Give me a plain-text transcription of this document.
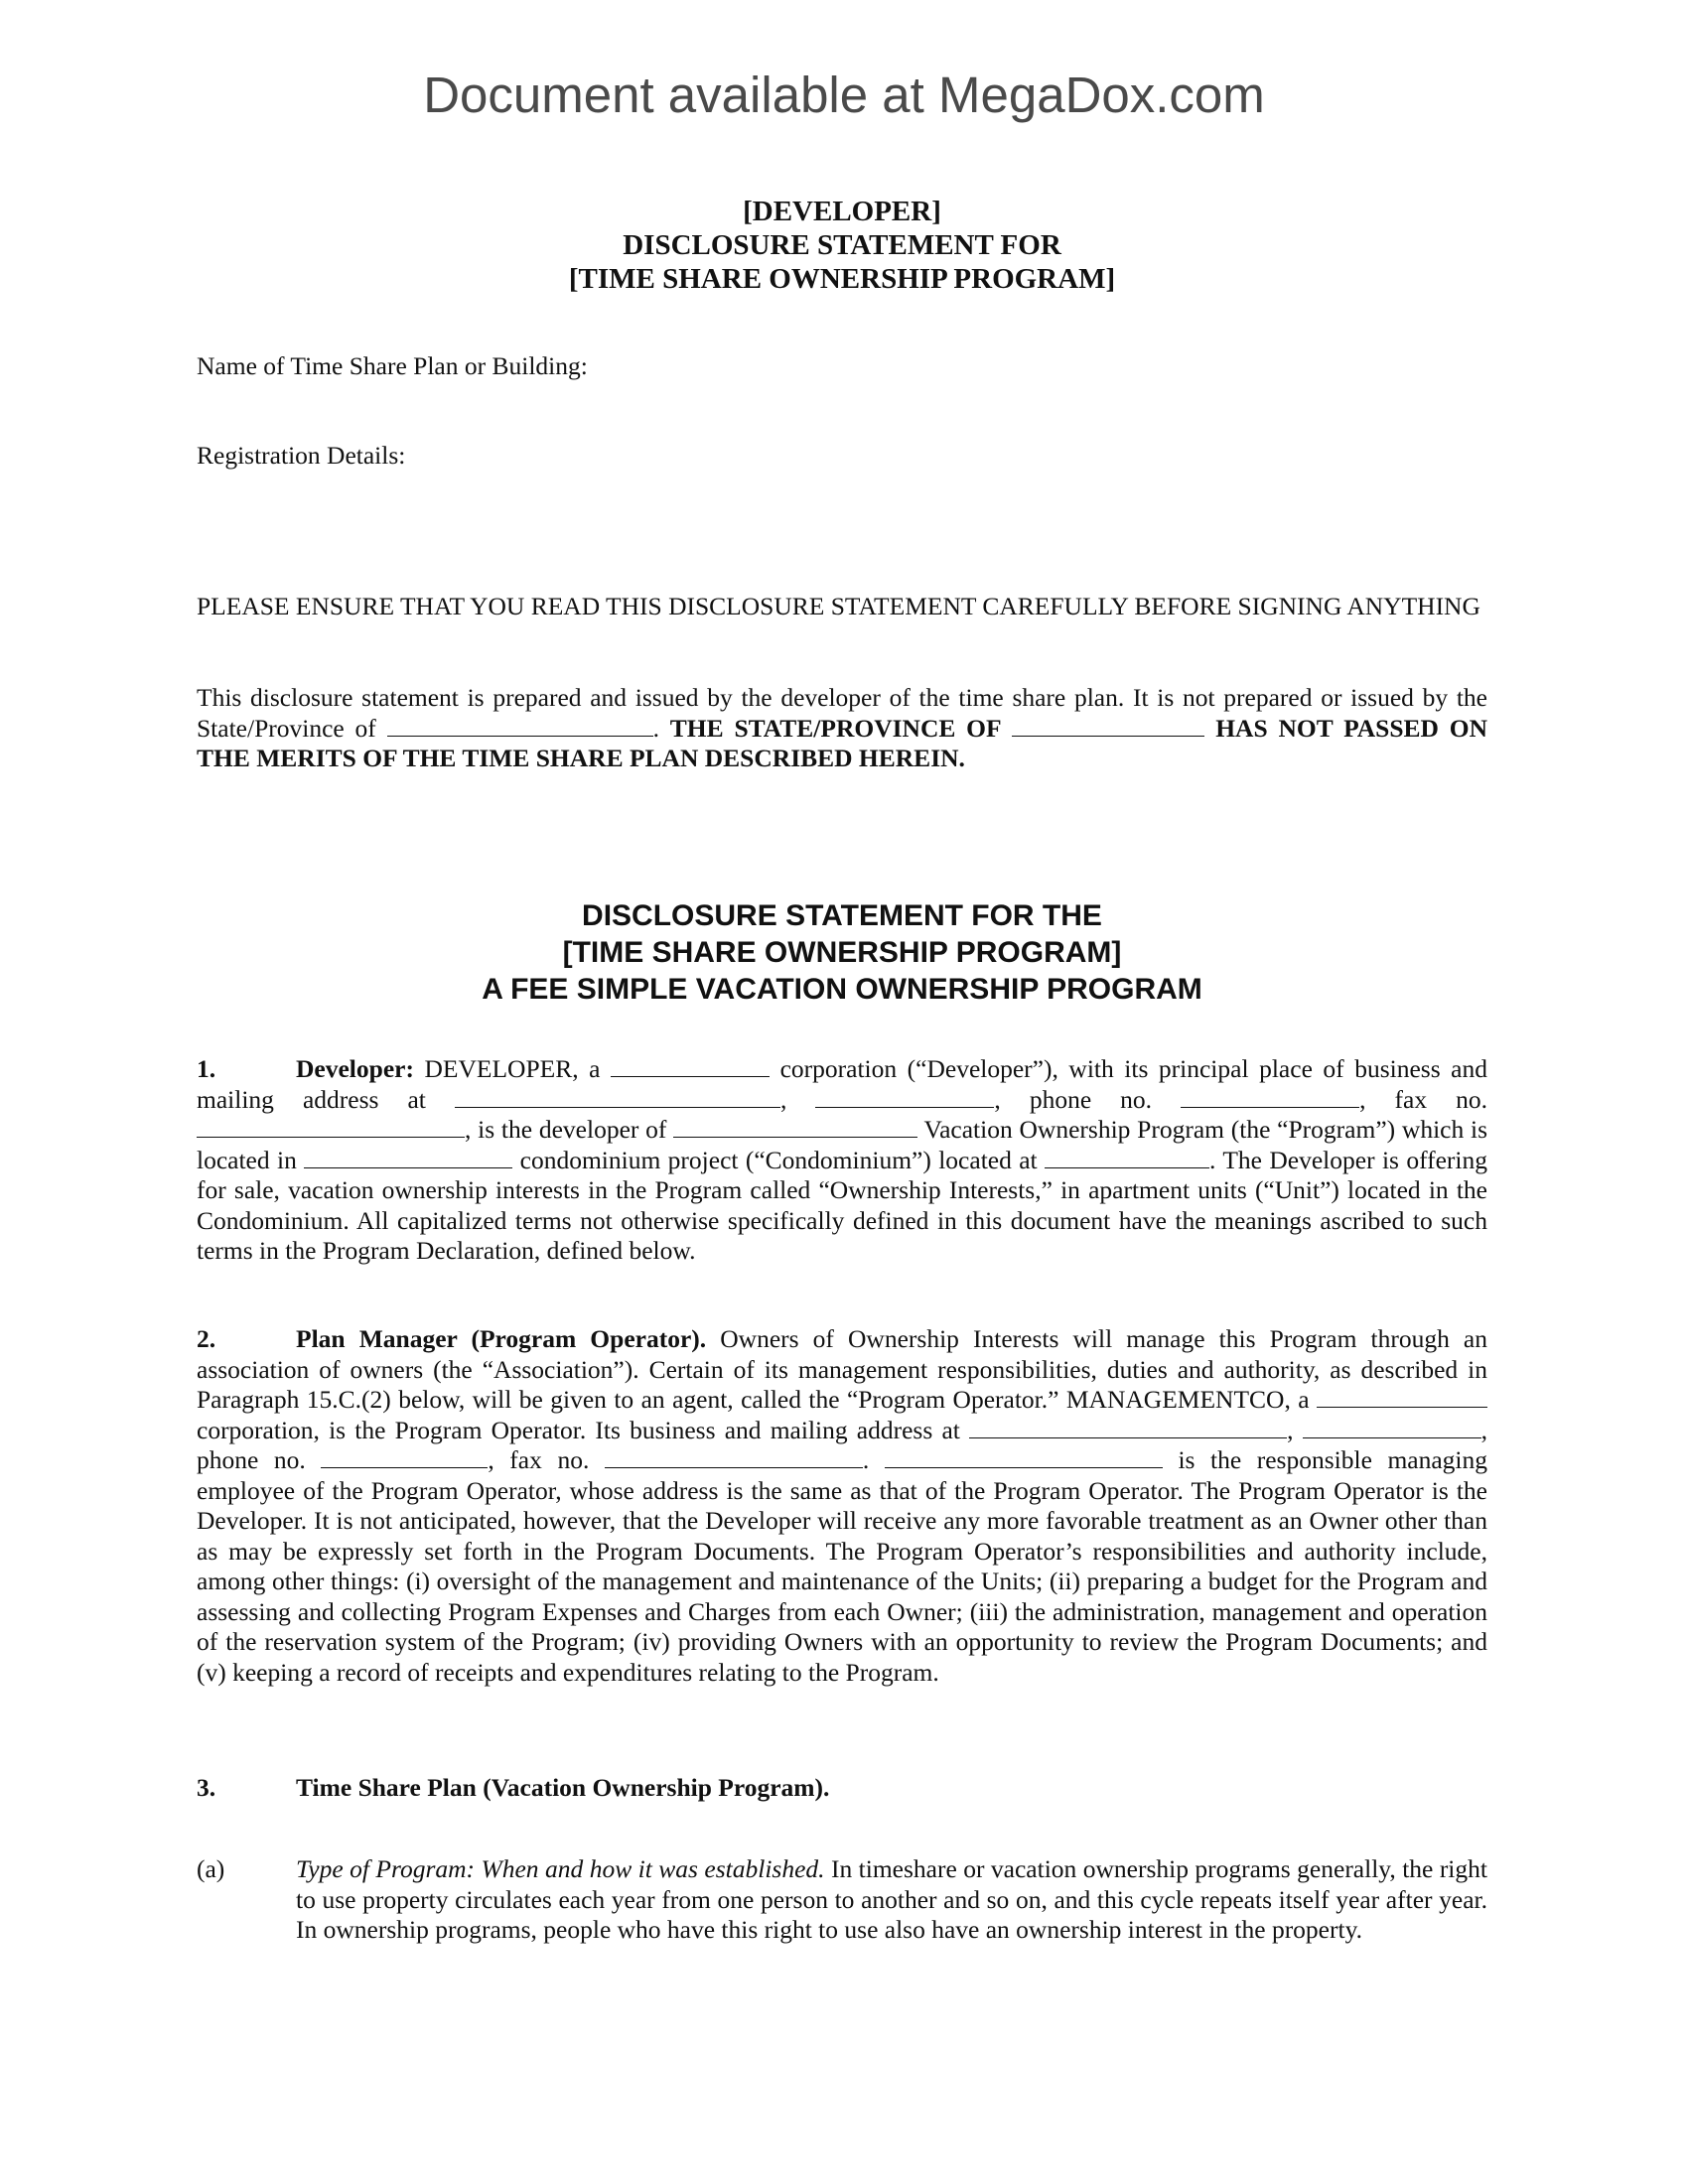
Document available at MegaDox.com
[DEVELOPER]
DISCLOSURE STATEMENT FOR
[TIME SHARE OWNERSHIP PROGRAM]
Name of Time Share Plan or Building:
Registration Details:
PLEASE ENSURE THAT YOU READ THIS DISCLOSURE STATEMENT CAREFULLY BEFORE SIGNING ANYTHING

This disclosure statement is prepared and issued by the developer of the time share plan. It is not prepared or issued by the State/Province of	. THE STATE/PROVINCE OF	HAS NOT PASSED ON THE MERITS OF THE TIME SHARE PLAN DESCRIBED HEREIN.

DISCLOSURE STATEMENT FOR THE
[TIME SHARE OWNERSHIP PROGRAM]
A FEE SIMPLE VACATION OWNERSHIP PROGRAM

1.	Developer: DEVELOPER, a	corporation (“Developer”), with its principal place of business and mailing address at	,	, phone no.	, fax no. , is the developer of	Vacation Ownership Program (the “Program”) which is located in	condominium project (“Condominium”) located at	. The Developer is offering for sale, vacation ownership interests in the Program called “Ownership Interests,” in apartment units (“Unit”) located in the Condominium. All capitalized terms not otherwise specifically defined in this document have the meanings ascribed to such terms in the Program Declaration, defined below.

2.	Plan Manager (Program Operator). Owners of Ownership Interests will manage this Program through an association of owners (the “Association”). Certain of its management responsibilities, duties and authority, as described in Paragraph 15.C.(2) below, will be given to an agent, called the “Program Operator.” MANAGEMENTCO, a  corporation, is the Program Operator. Its business and mailing address at	,	, phone no.	, fax no.	.	is the responsible managing employee of the Program Operator, whose address is the same as that of the Program Operator. The Program Operator is the Developer. It is not anticipated, however, that the Developer will receive any more favorable treatment as an Owner other than as may be expressly set forth in the Program Documents. The Program Operator’s responsibilities and authority include, among other things: (i) oversight of the management and maintenance of the Units; (ii) preparing a budget for the Program and assessing and collecting Program Expenses and Charges from each Owner; (iii) the administration, management and operation of the reservation system of the Program; (iv) providing Owners with an opportunity to review the Program Documents; and (v) keeping a record of receipts and expenditures relating to the Program.

3.	Time Share Plan (Vacation Ownership Program).
(a)	Type of Program: When and how it was established. In timeshare or vacation ownership programs generally, the right to use property circulates each year from one person to another and so on, and this cycle repeats itself year after year. In ownership programs, people who have this right to use also have an ownership interest in the property.
